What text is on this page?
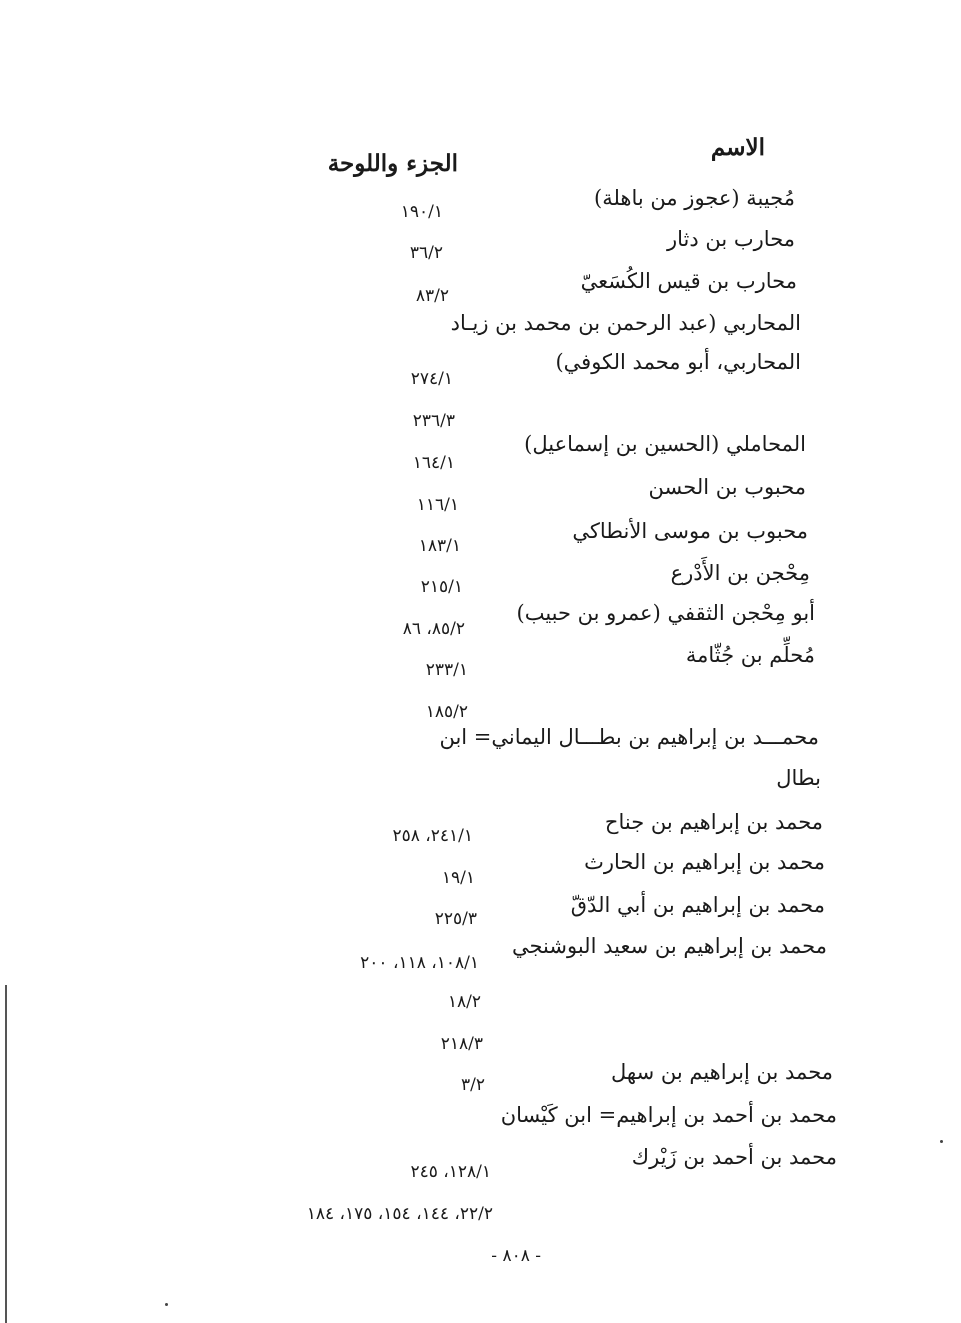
الاسم
الجزء واللوحة
مُجيبة (عجوز من باهلة)
محارب بن دثار
محارب بن قيس الكُسَعيّ
المحاربي (عبد الرحمن بن محمد بن زيـاد
المحاربي، أبو محمد الكوفي)
المحاملي (الحسين بن إسماعيل)
محبوب بن الحسن
محبوب بن موسى الأنطاكي
مِحْجن بن الأَدْرع
أبو مِحْجن الثقفي (عمرو بن حبيب)
مُحلِّم بن جُثّامة
محمـــد بن إبراهيم بن بطـــال اليماني= ابن
بطال
محمد بن إبراهيم بن جناح
محمد بن إبراهيم بن الحارث
محمد بن إبراهيم بن أبي الدّقّ
محمد بن إبراهيم بن سعيد البوشنجي
محمد بن إبراهيم بن سهل
محمد بن أحمد بن إبراهيم= ابن كَيْسان
محمد بن أحمد بن زَيْرك
١٩٠/١
٣٦/٢
٨٣/٢
٢٧٤/١
٢٣٦/٣
١٦٤/١
١١٦/١
١٨٣/١
٢١٥/١
٨٥/٢، ٨٦
٢٣٣/١
١٨٥/٢
٢٤١/١، ٢٥٨
١٩/١
٢٢٥/٣
١٠٨/١، ١١٨، ٢٠٠
١٨/٢
٢١٨/٣
٣/٢
١٢٨/١، ٢٤٥
٢٢/٢، ١٤٤، ١٥٤، ١٧٥، ١٨٤
- ٨٠٨ -
